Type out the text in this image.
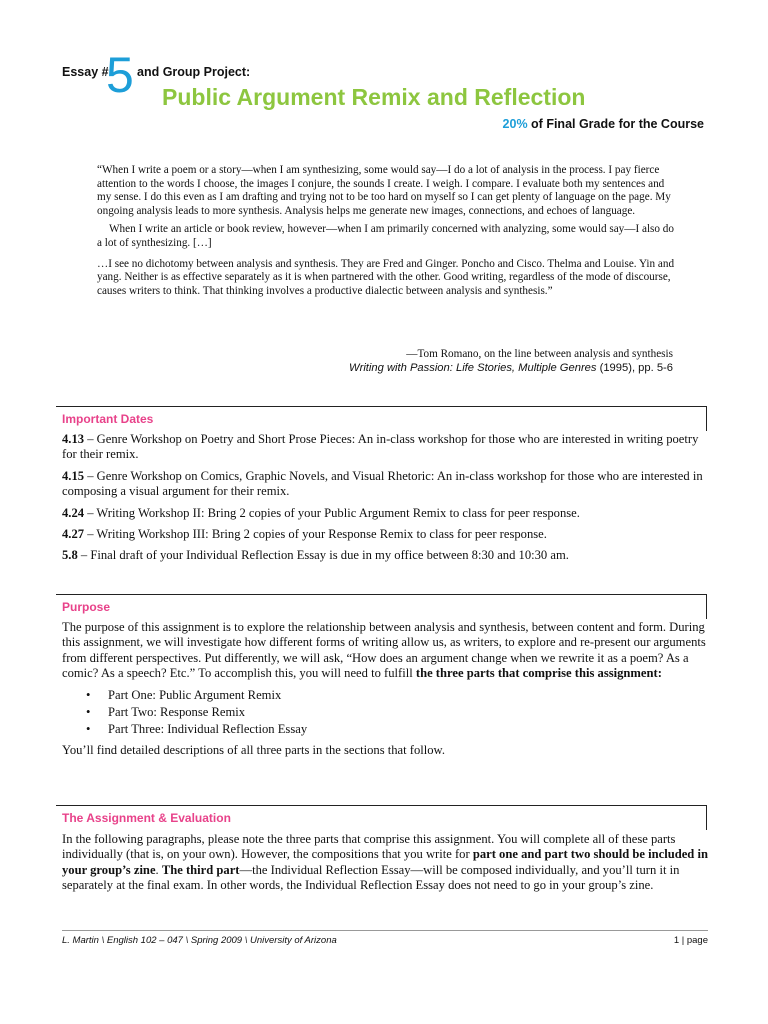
Essay #
5 and Group Project:
Public Argument Remix and Reflection
20% of Final Grade for the Course

“When I write a poem or a story—when I am synthesizing, some would say—I do a lot of analysis in the process. I pay fierce attention to the words I choose, the images I conjure, the sounds I create. I weigh. I compare. I evaluate both my sentences and my sense. I do this even as I am drafting and trying not to be too hard on myself so I can get plenty of language on the page. My ongoing analysis leads to more synthesis. Analysis helps me generate new images, connections, and echoes of language.

When I write an article or book review, however—when I am primarily concerned with analyzing, some would say—I also do a lot of synthesizing. […]

…I see no dichotomy between analysis and synthesis. They are Fred and Ginger. Poncho and Cisco. Thelma and Louise. Yin and yang. Neither is as effective separately as it is when partnered with the other. Good writing, regardless of the mode of discourse, causes writers to think. That thinking involves a productive dialectic between analysis and synthesis.”

—Tom Romano, on the line between analysis and synthesis
Writing with Passion: Life Stories, Multiple Genres (1995), pp. 5-6
Important Dates

4.13 – Genre Workshop on Poetry and Short Prose Pieces: An in-class workshop for those who are interested in writing poetry for their remix.

4.15 – Genre Workshop on Comics, Graphic Novels, and Visual Rhetoric: An in-class workshop for those who are interested in composing a visual argument for their remix.

4.24 – Writing Workshop II: Bring 2 copies of your Public Argument Remix to class for peer response.

4.27 – Writing Workshop III: Bring 2 copies of your Response Remix to class for peer response.

5.8 – Final draft of your Individual Reflection Essay is due in my office between 8:30 and 10:30 am.

Purpose

The purpose of this assignment is to explore the relationship between analysis and synthesis, between content and form. During this assignment, we will investigate how different forms of writing allow us, as writers, to explore and re-present our arguments from different perspectives. Put differently, we will ask, “How does an argument change when we rewrite it as a poem? As a comic? As a speech? Etc.” To accomplish this, you will need to fulfill the three parts that comprise this assignment:

• Part One: Public Argument Remix
• Part Two: Response Remix
• Part Three: Individual Reflection Essay

You’ll find detailed descriptions of all three parts in the sections that follow.

The Assignment & Evaluation

In the following paragraphs, please note the three parts that comprise this assignment. You will complete all of these parts individually (that is, on your own). However, the compositions that you write for part one and part two should be included in your group’s zine. The third part—the Individual Reflection Essay—will be composed individually, and you’ll turn it in separately at the final exam. In other words, the Individual Reflection Essay does not need to go in your group’s zine.

L. Martin \ English 102 – 047 \ Spring 2009 \ University of Arizona	1 | page
